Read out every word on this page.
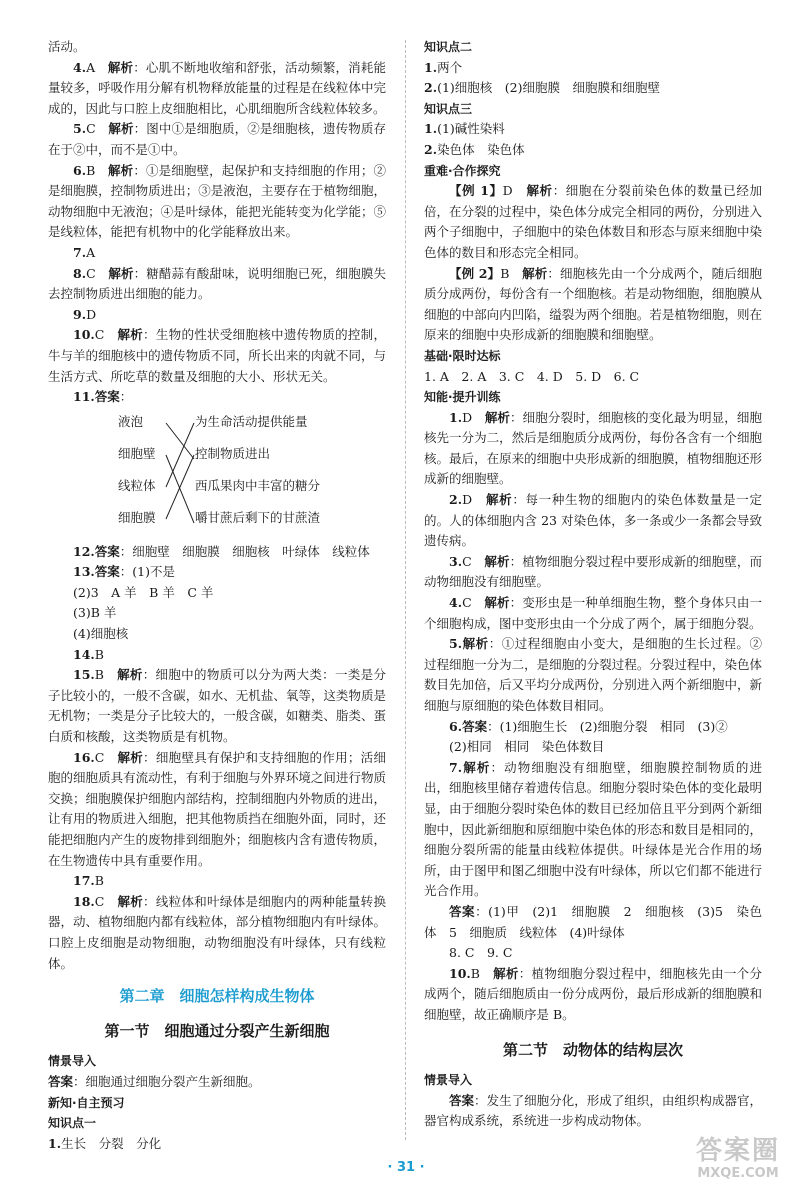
活动。

4.A　 解析：心肌不断地收缩和舒张，活动频繁，消耗能量较多，呼吸作用分解有机物释放能量的过程是在线粒体中完成的，因此与口腔上皮细胞相比，心肌细胞所含线粒体较多。

5.C　 解析：图中①是细胞质，②是细胞核，遗传物质存在于②中，而不是①中。

6.B　 解析：①是细胞壁，起保护和支持细胞的作用；②是细胞膜，控制物质进出；③是液泡，主要存在于植物细胞，动物细胞中无液泡；④是叶绿体，能把光能转变为化学能；⑤是线粒体，能把有机物中的化学能释放出来。

7.A

8.C　 解析：糖醋蒜有酸甜味，说明细胞已死，细胞膜失去控制物质进出细胞的能力。

9.D

10.C　 解析：生物的性状受细胞核中遗传物质的控制，牛与羊的细胞核中的遗传物质不同，所长出来的肉就不同，与生活方式、所吃草的数量及细胞的大小、形状无关。

11.答案：

液泡
细胞壁
线粒体
细胞膜
为生命活动提供能量
控制物质进出
西瓜果肉中丰富的糖分
嚼甘蔗后剩下的甘蔗渣

12.答案：细胞壁　细胞膜　细胞核　叶绿体　线粒体

13.答案：(1)不是

(2)3　A 羊　B 羊　C 羊

(3)B 羊

(4)细胞核

14.B

15.B　 解析：细胞中的物质可以分为两大类：一类是分子比较小的，一般不含碳，如水、无机盐、氧等，这类物质是无机物；一类是分子比较大的，一般含碳，如糖类、脂类、蛋白质和核酸，这类物质是有机物。

16.C　 解析：细胞壁具有保护和支持细胞的作用；活细胞的细胞质具有流动性，有利于细胞与外界环境之间进行物质交换；细胞膜保护细胞内部结构，控制细胞内外物质的进出，让有用的物质进入细胞，把其他物质挡在细胞外面，同时，还能把细胞内产生的废物排到细胞外；细胞核内含有遗传物质，在生物遗传中具有重要作用。

17.B

18.C　 解析：线粒体和叶绿体是细胞内的两种能量转换器，动、植物细胞内都有线粒体，部分植物细胞内有叶绿体。口腔上皮细胞是动物细胞，动物细胞没有叶绿体，只有线粒体。

第二章　细胞怎样构成生物体
第一节　细胞通过分裂产生新细胞

情景导入

答案：细胞通过细胞分裂产生新细胞。

新知·自主预习

知识点一

1.生长　分裂　分化

知识点二

1.两个

2.(1)细胞核　(2)细胞膜　细胞膜和细胞壁

知识点三

1.(1)碱性染料

2.染色体　染色体

重难·合作探究

【例 1】D　 解析：细胞在分裂前染色体的数量已经加倍，在分裂的过程中，染色体分成完全相同的两份，分别进入两个子细胞中，子细胞中的染色体数目和形态与原来细胞中染色体的数目和形态完全相同。

【例 2】B　 解析：细胞核先由一个分成两个，随后细胞质分成两份，每份含有一个细胞核。若是动物细胞，细胞膜从细胞的中部向内凹陷，缢裂为两个细胞。若是植物细胞，则在原来的细胞中央形成新的细胞膜和细胞壁。

基础·限时达标

1. A　2. A　3. C　4. D　5. D　6. C

知能·提升训练

1.D　 解析：细胞分裂时，细胞核的变化最为明显，细胞核先一分为二，然后是细胞质分成两份，每份各含有一个细胞核。最后，在原来的细胞中央形成新的细胞膜，植物细胞还形成新的细胞壁。

2.D　 解析：每一种生物的细胞内的染色体数量是一定的。人的体细胞内含 23 对染色体，多一条或少一条都会导致遗传病。

3.C　 解析：植物细胞分裂过程中要形成新的细胞壁，而动物细胞没有细胞壁。

4.C　 解析：变形虫是一种单细胞生物，整个身体只由一个细胞构成，图中变形虫由一个分成了两个，属于细胞分裂。

5.解析：①过程细胞由小变大，是细胞的生长过程。②过程细胞一分为二，是细胞的分裂过程。分裂过程中，染色体数目先加倍，后又平均分成两份，分别进入两个新细胞中，新细胞与原细胞的染色体数目相同。

6.答案：(1)细胞生长　(2)细胞分裂　相同　(3)②

(2)相同　相同　染色体数目

7.解析：动物细胞没有细胞壁，细胞膜控制物质的进出，细胞核里储存着遗传信息。细胞分裂时染色体的变化最明显，由于细胞分裂时染色体的数目已经加倍且平分到两个新细胞中，因此新细胞和原细胞中染色体的形态和数目是相同的，细胞分裂所需的能量由线粒体提供。叶绿体是光合作用的场所，由于图甲和图乙细胞中没有叶绿体，所以它们都不能进行光合作用。

答案：(1)甲　(2)1　细胞膜　2　细胞核　(3)5　染色体　5　细胞质　线粒体　(4)叶绿体

8. C　9. C

10.B　 解析：植物细胞分裂过程中，细胞核先由一个分成两个，随后细胞质由一份分成两份，最后形成新的细胞膜和细胞壁，故正确顺序是 B。

第二节　动物体的结构层次

情景导入

答案：发生了细胞分化，形成了组织，由组织构成器官，器官构成系统，系统进一步构成动物体。

· 31 ·
答案圈
MXQE.COM
